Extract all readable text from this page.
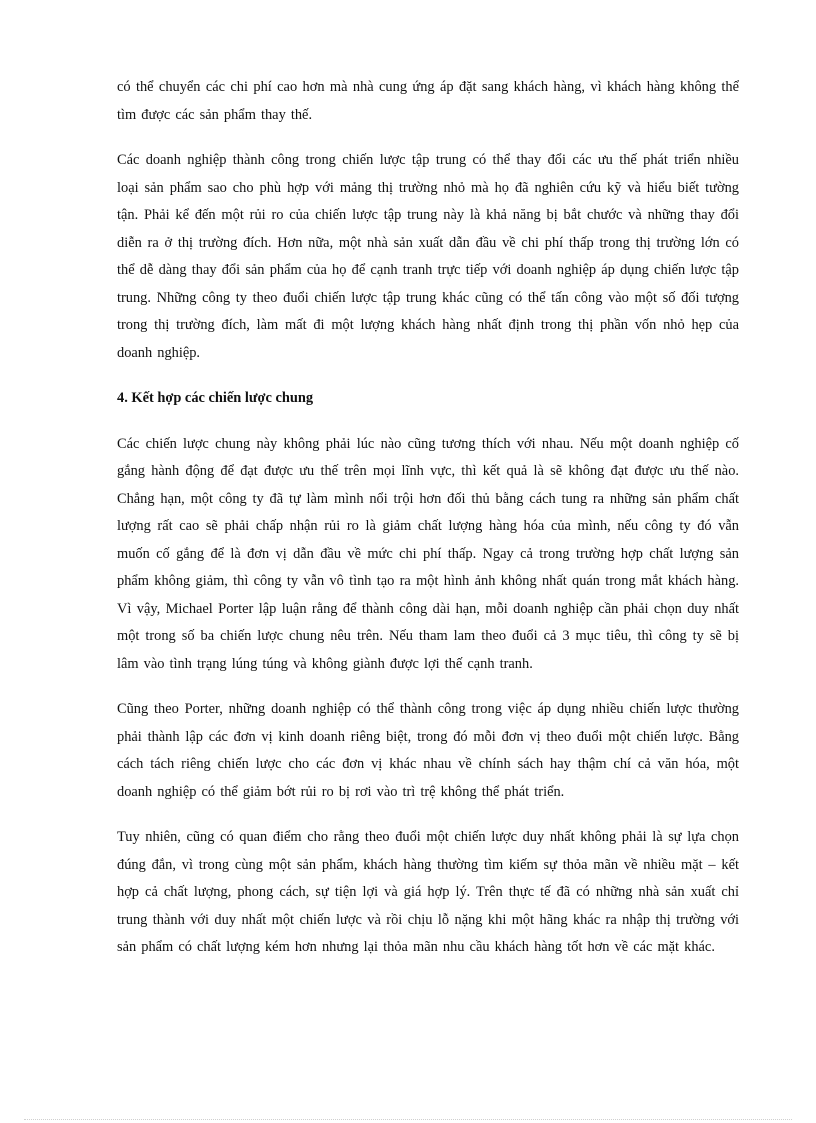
có thể chuyển các chi phí cao hơn mà nhà cung ứng áp đặt sang khách hàng, vì khách hàng không thể tìm được các sản phẩm thay thế.

Các doanh nghiệp thành công trong chiến lược tập trung có thể thay đổi các ưu thế phát triển nhiều loại sản phẩm sao cho phù hợp với mảng thị trường nhỏ mà họ đã nghiên cứu kỹ và hiểu biết tường tận. Phải kể đến một rủi ro của chiến lược tập trung này là khả năng bị bắt chước và những thay đổi diễn ra ở thị trường đích. Hơn nữa, một nhà sản xuất dẫn đầu về chi phí thấp trong thị trường lớn có thể dễ dàng thay đổi sản phẩm của họ để cạnh tranh trực tiếp với doanh nghiệp áp dụng chiến lược tập trung. Những công ty theo đuổi chiến lược tập trung khác cũng có thể tấn công vào một số đối tượng trong thị trường đích, làm mất đi một lượng khách hàng nhất định trong thị phần vốn nhỏ hẹp của doanh nghiệp.

4. Kết hợp các chiến lược chung

Các chiến lược chung này không phải lúc nào cũng tương thích với nhau. Nếu một doanh nghiệp cố gắng hành động để đạt được ưu thế trên mọi lĩnh vực, thì kết quả là sẽ không đạt được ưu thế nào. Chẳng hạn, một công ty đã tự làm mình nổi trội hơn đối thủ bằng cách tung ra những sản phẩm chất lượng rất cao sẽ phải chấp nhận rủi ro là giảm chất lượng hàng hóa của mình, nếu công ty đó vẫn muốn cố gắng để là đơn vị dẫn đầu về mức chi phí thấp. Ngay cả trong trường hợp chất lượng sản phẩm không giảm, thì công ty vẫn vô tình tạo ra một hình ảnh không nhất quán trong mắt khách hàng. Vì vậy, Michael Porter lập luận rằng để thành công dài hạn, mỗi doanh nghiệp cần phải chọn duy nhất một trong số ba chiến lược chung nêu trên. Nếu tham lam theo đuổi cả 3 mục tiêu, thì công ty sẽ bị lâm vào tình trạng lúng túng và không giành được lợi thế cạnh tranh.

Cũng theo Porter, những doanh nghiệp có thể thành công trong việc áp dụng nhiều chiến lược thường phải thành lập các đơn vị kinh doanh riêng biệt, trong đó mỗi đơn vị theo đuổi một chiến lược. Bằng cách tách riêng chiến lược cho các đơn vị khác nhau về chính sách hay thậm chí cả văn hóa, một doanh nghiệp có thể giảm bớt rủi ro bị rơi vào trì trệ không thể phát triển.

Tuy nhiên, cũng có quan điểm cho rằng theo đuổi một chiến lược duy nhất không phải là sự lựa chọn đúng đắn, vì trong cùng một sản phẩm, khách hàng thường tìm kiếm sự thỏa mãn về nhiều mặt – kết hợp cả chất lượng, phong cách, sự tiện lợi và giá hợp lý. Trên thực tế đã có những nhà sản xuất chỉ trung thành với duy nhất một chiến lược và rồi chịu lỗ nặng khi một hãng khác ra nhập thị trường với sản phẩm có chất lượng kém hơn nhưng lại thỏa mãn nhu cầu khách hàng tốt hơn về các mặt khác.
